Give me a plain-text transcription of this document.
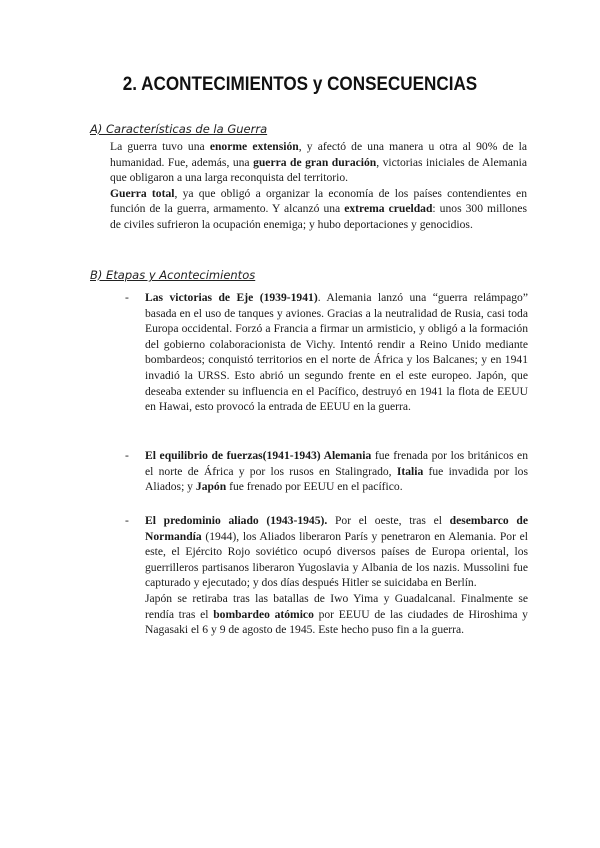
2. ACONTECIMIENTOS y CONSECUENCIAS
A) Características de la Guerra

La guerra tuvo una enorme extensión, y afectó de una manera u otra al 90% de la humanidad. Fue, además, una guerra de gran duración, victorias iniciales de Alemania que obligaron a una larga reconquista del territorio.

Guerra total, ya que obligó a organizar la economía de los países contendientes en función de la guerra, armamento. Y alcanzó una extrema crueldad: unos 300 millones de civiles sufrieron la ocupación enemiga; y hubo deportaciones y genocidios.

B) Etapas y Acontecimientos
- Las victorias de Eje (1939-1941). Alemania lanzó una “guerra relámpago” basada en el uso de tanques y aviones. Gracias a la neutralidad de Rusia, casi toda Europa occidental. Forzó a Francia a firmar un armisticio, y obligó a la formación del gobierno colaboracionista de Vichy. Intentó rendir a Reino Unido mediante bombardeos; conquistó territorios en el norte de África y los Balcanes; y en 1941 invadió la URSS. Esto abrió un segundo frente en el este europeo. Japón, que deseaba extender su influencia en el Pacífico, destruyó en 1941 la flota de EEUU en Hawai, esto provocó la entrada de EEUU en la guerra.

- El equilibrio de fuerzas(1941-1943) Alemania fue frenada por los británicos en el norte de África y por los rusos en Stalingrado, Italia fue invadida por los Aliados; y Japón fue frenado por EEUU en el pacífico.

- El predominio aliado (1943-1945). Por el oeste, tras el desembarco de Normandía (1944), los Aliados liberaron París y penetraron en Alemania. Por el este, el Ejército Rojo soviético ocupó diversos países de Europa oriental, los guerrilleros partisanos liberaron Yugoslavia y Albania de los nazis. Mussolini fue capturado y ejecutado; y dos días después Hitler se suicidaba en Berlín.

Japón se retiraba tras las batallas de Iwo Yima y Guadalcanal. Finalmente se rendía tras el bombardeo atómico por EEUU de las ciudades de Hiroshima y Nagasaki el 6 y 9 de agosto de 1945. Este hecho puso fin a la guerra.
